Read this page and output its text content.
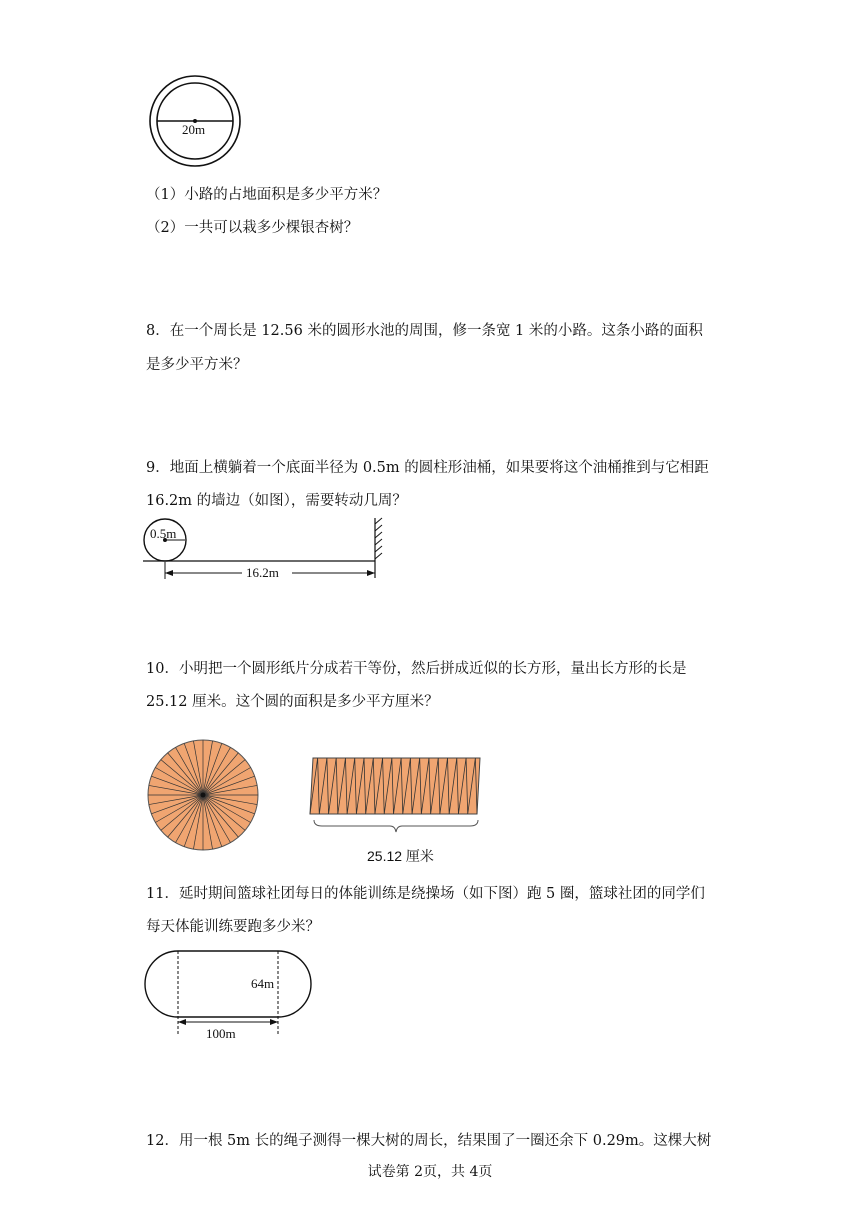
20m
（1）小路的占地面积是多少平方米？
（2）一共可以栽多少棵银杏树？
8．在一个周长是 12.56 米的圆形水池的周围，修一条宽 1 米的小路。这条小路的面积
是多少平方米？
9．地面上横躺着一个底面半径为 0.5m 的圆柱形油桶，如果要将这个油桶推到与它相距
16.2m 的墙边（如图），需要转动几周？
0.5m
16.2m
10．小明把一个圆形纸片分成若干等份，然后拼成近似的长方形，量出长方形的长是
25.12 厘米。这个圆的面积是多少平方厘米？
25.12 厘米
11．延时期间篮球社团每日的体能训练是绕操场（如下图）跑 5 圈，篮球社团的同学们
每天体能训练要跑多少米？
64m
100m
12．用一根 5m 长的绳子测得一棵大树的周长，结果围了一圈还余下 0.29m。这棵大树
试卷第 2页，共 4页
